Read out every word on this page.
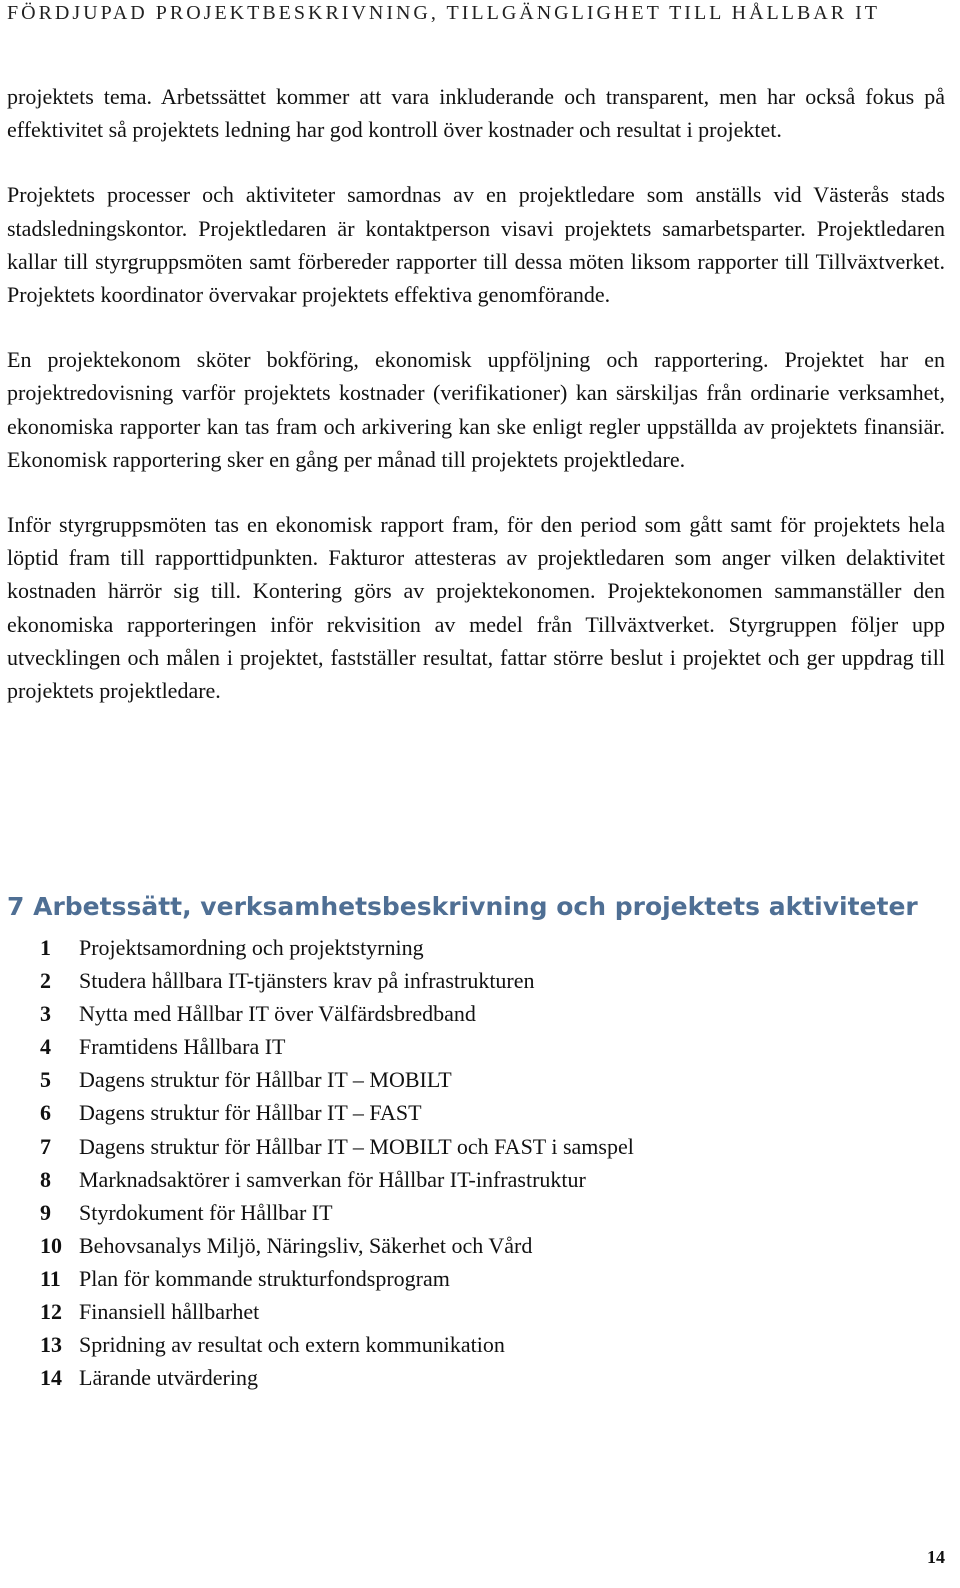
FÖRDJUPAD PROJEKTBESKRIVNING, TILLGÄNGLIGHET TILL HÅLLBAR IT

projektets tema. Arbetssättet kommer att vara inkluderande och transparent, men har också fokus på effektivitet så projektets ledning har god kontroll över kostnader och resultat i projektet.

Projektets processer och aktiviteter samordnas av en projektledare som anställs vid Västerås stads stadsledningskontor. Projektledaren är kontaktperson visavi projektets samarbetsparter. Projektledaren kallar till styrgruppsmöten samt förbereder rapporter till dessa möten liksom rapporter till Tillväxtverket. Projektets koordinator övervakar projektets effektiva genomförande.

En projektekonom sköter bokföring, ekonomisk uppföljning och rapportering. Projektet har en projektredovisning varför projektets kostnader (verifikationer) kan särskiljas från ordinarie verksamhet, ekonomiska rapporter kan tas fram och arkivering kan ske enligt regler uppställda av projektets finansiär. Ekonomisk rapportering sker en gång per månad till projektets projektledare.

Inför styrgruppsmöten tas en ekonomisk rapport fram, för den period som gått samt för projektets hela löptid fram till rapporttidpunkten. Fakturor attesteras av projektledaren som anger vilken delaktivitet kostnaden härrör sig till. Kontering görs av projektekonomen. Projektekonomen sammanställer den ekonomiska rapporteringen inför rekvisition av medel från Tillväxtverket. Styrgruppen följer upp utvecklingen och målen i projektet, fastställer resultat, fattar större beslut i projektet och ger uppdrag till projektets projektledare.

7 Arbetssätt, verksamhetsbeskrivning och projektets aktiviteter
1	Projektsamordning och projektstyrning
2	Studera hållbara IT-tjänsters krav på infrastrukturen
3	Nytta med Hållbar IT över Välfärdsbredband
4	Framtidens Hållbara IT
5	Dagens struktur för Hållbar IT – MOBILT
6	Dagens struktur för Hållbar IT – FAST
7	Dagens struktur för Hållbar IT – MOBILT och FAST i samspel
8	Marknadsaktörer i samverkan för Hållbar IT-infrastruktur
9	Styrdokument för Hållbar IT
10 Behovsanalys Miljö, Näringsliv, Säkerhet och Vård
11 Plan för kommande strukturfondsprogram
12 Finansiell hållbarhet
13 Spridning av resultat och extern kommunikation
14 Lärande utvärdering
14
